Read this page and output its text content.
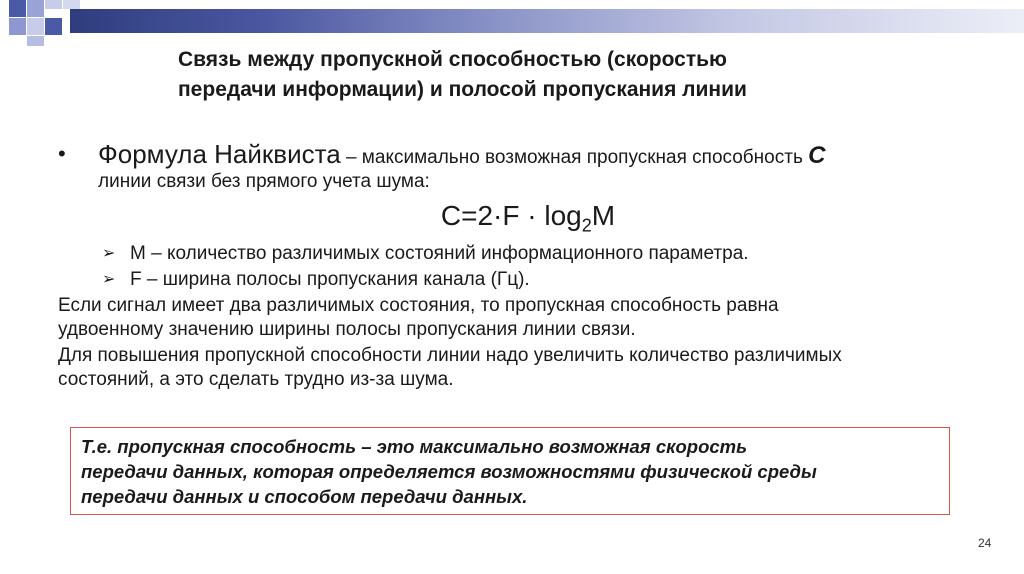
Связь между пропускной способностью (скоростью
передачи информации) и полосой пропускания линии
• Формула Найквиста – максимально возможная пропускная способность С
линии связи без прямого учета шума:
$С=2\cdot F \cdot \log_2M$
➢ M – количество различимых состояний информационного параметра.
➢ F – ширина полосы пропускания канала (Гц).
Если сигнал имеет два различимых состояния, то пропускная способность равна
удвоенному значению ширины полосы пропускания линии связи.
Для повышения пропускной способности линии надо увеличить количество различимых
состояний, а это сделать трудно из-за шума.
Т.е. пропускная способность – это максимально возможная скорость
передачи данных, которая определяется возможностями физической среды
передачи данных и способом передачи данных.
24
